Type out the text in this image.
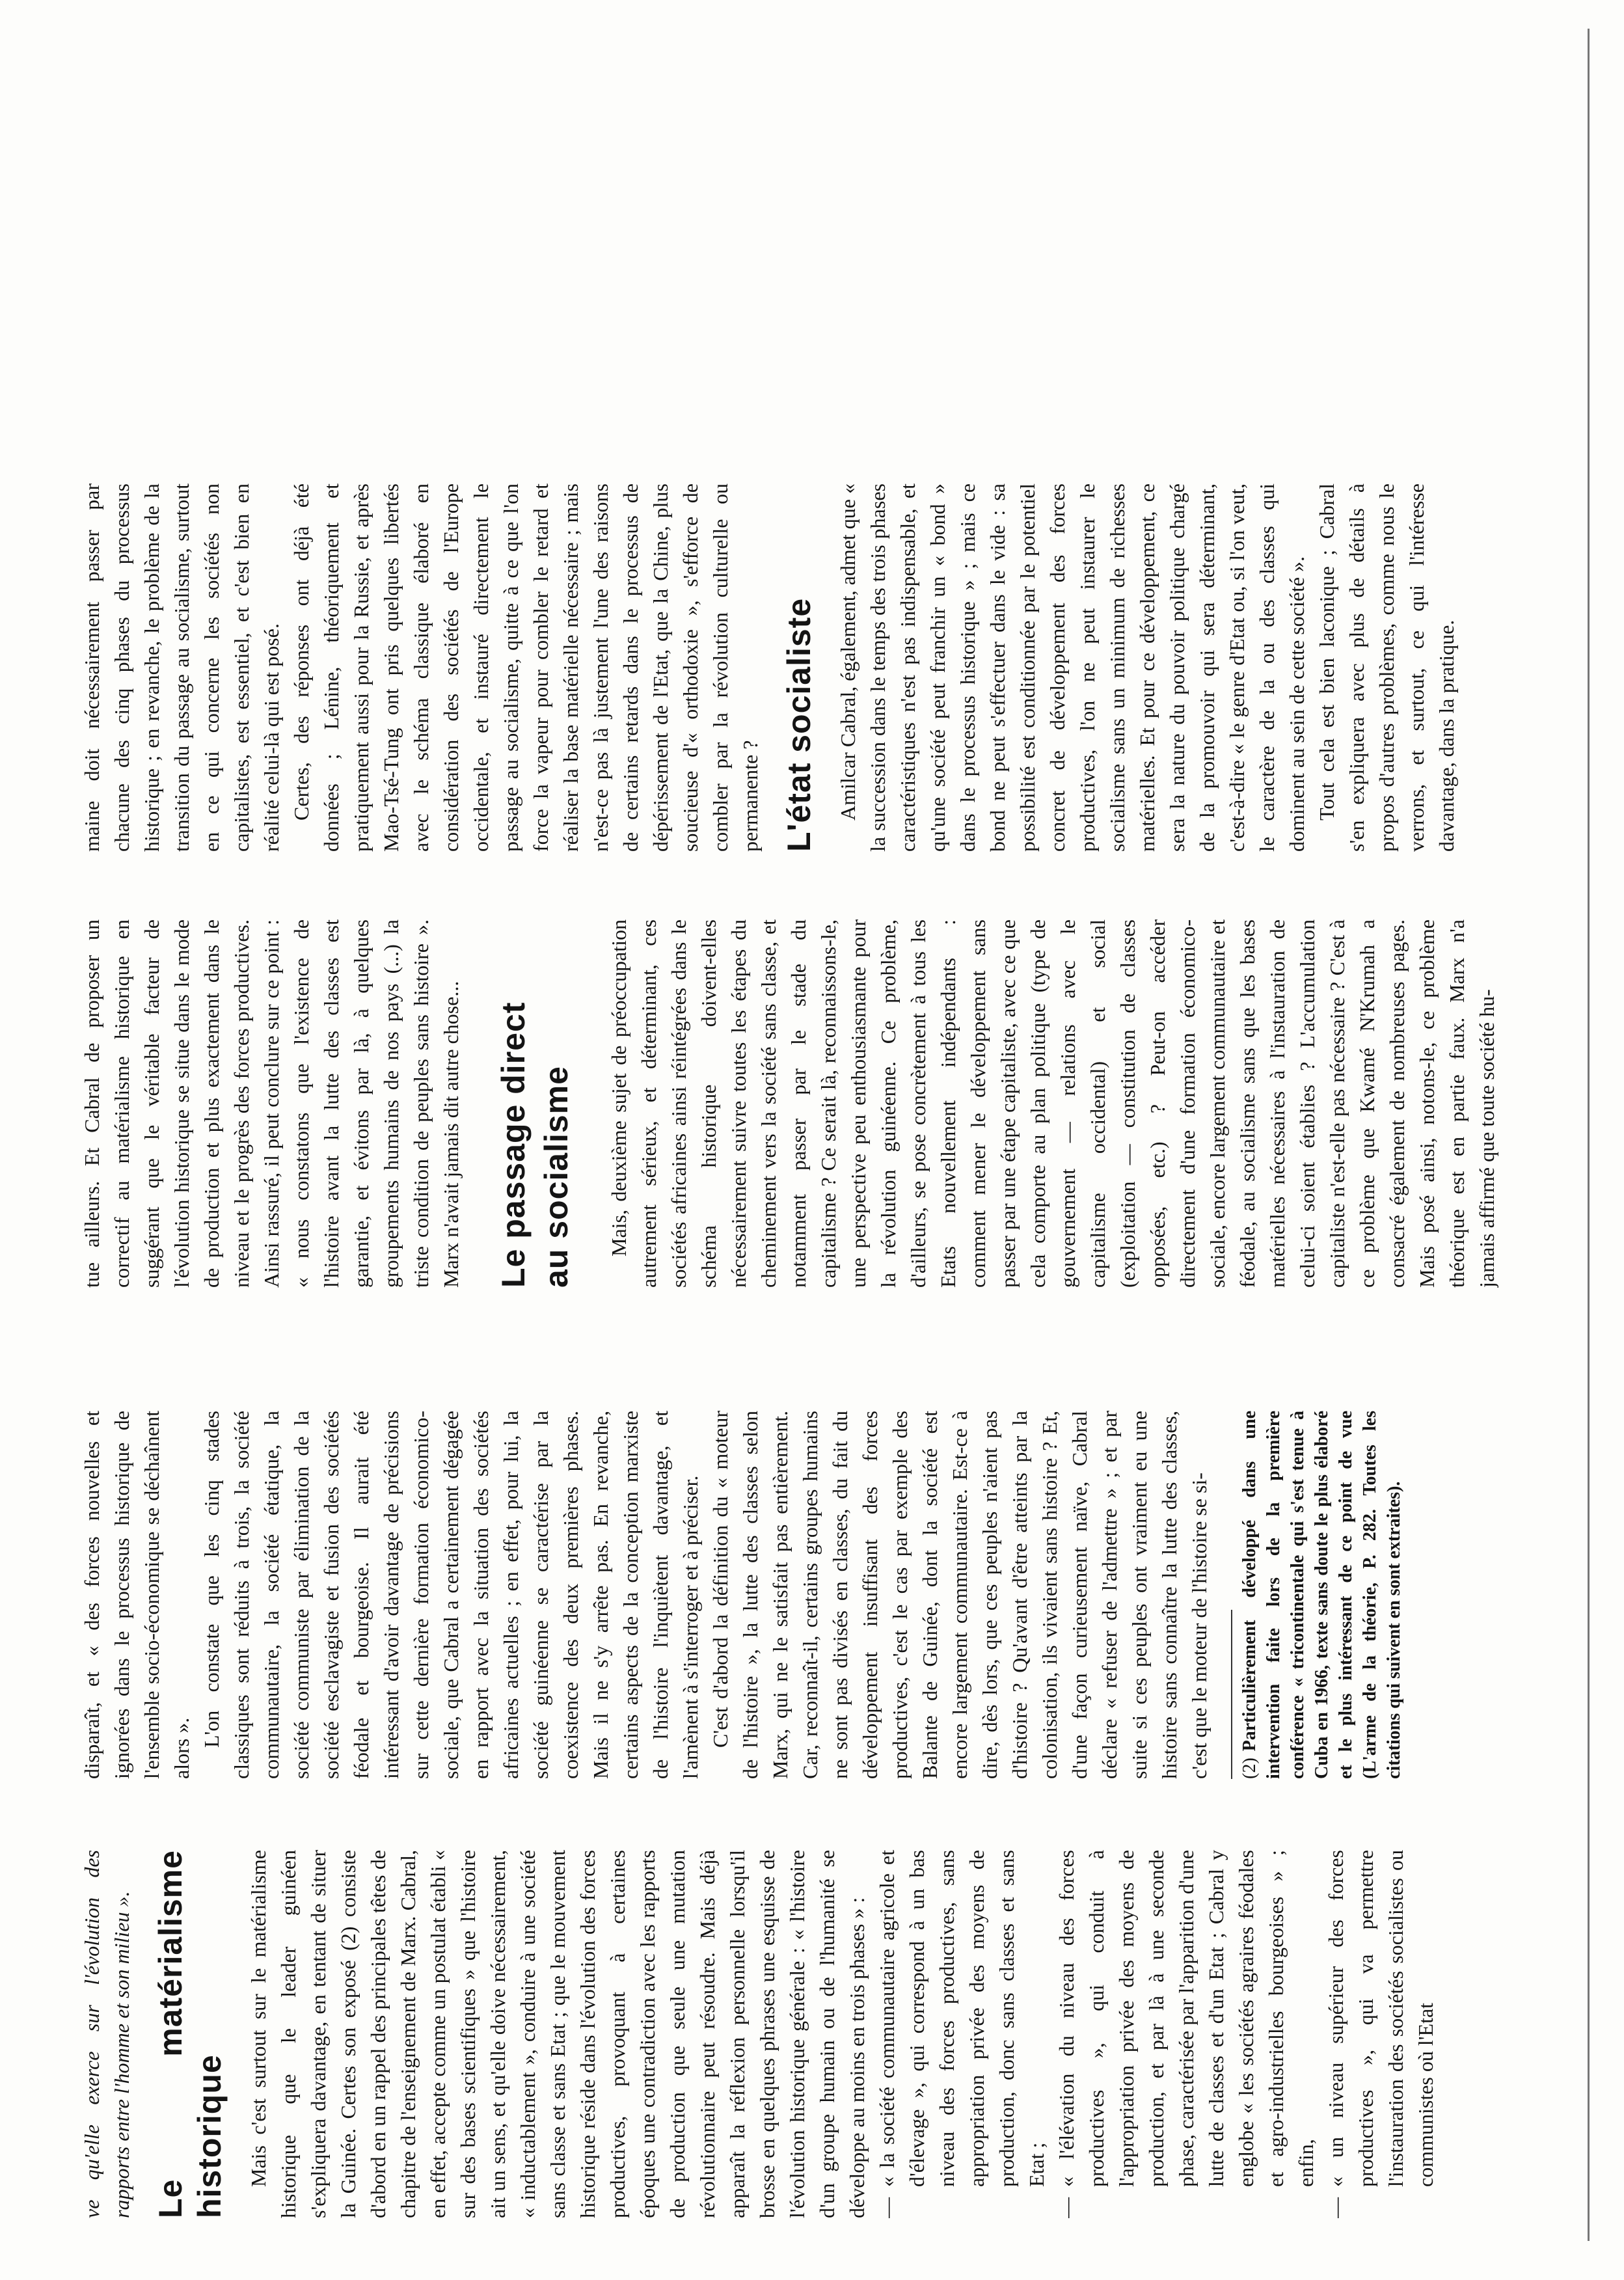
ve qu'elle exerce sur l'évolution des rapports entre l'homme et son milieu ». Le matérialisme historique Mais c'est surtout sur le matérialisme historique que le leader guinéen s'expliquera davantage, en tentant de situer la Guinée. Certes son exposé (2) consiste d'abord en un rappel des principales têtes de chapitre de l'enseignement de Marx. Cabral, en effet, accepte comme un postulat établi « sur des bases scientifiques » que l'histoire ait un sens, et qu'elle doive nécessairement, « inductablement », conduire à une société sans classe et sans Etat ; que le mouvement historique réside dans l'évolution des forces productives, provoquant à certaines époques une contradiction avec les rapports de production que seule une mutation révolutionnaire peut résoudre. Mais déjà apparaît la réflexion personnelle lorsqu'il brosse en quelques phrases une esquisse de l'évolution historique générale : « l'histoire d'un groupe humain ou de l'humanité se développe au moins en trois phases » : — « la société communautaire agricole et d'élevage », qui correspond à un bas niveau des forces productives, sans appropriation privée des moyens de production, donc sans classes et sans Etat ; — « l'élévation du niveau des forces productives », qui conduit à l'appropriation privée des moyens de production, et par là à une seconde phase, caractérisée par l'apparition d'une lutte de classes et d'un Etat ; Cabral y englobe « les sociétés agraires féodales et agro-industrielles bourgeoises » ; enfin, — « un niveau supérieur des forces productives », qui va permettre l'instauration des sociétés socialistes ou communistes où l'Etat

disparaît, et « des forces nouvelles et ignorées dans le processus historique de l'ensemble socio-économique se déchaînent alors ».

L'on constate que les cinq stades classiques sont réduits à trois, la société communautaire, la société étatique, la société communiste par élimination de la société esclavagiste et fusion des sociétés féodale et bourgeoise. Il aurait été intéressant d'avoir davantage de précisions sur cette dernière formation économico-sociale, que Cabral a certainement dégagée en rapport avec la situation des sociétés africaines actuelles ; en effet, pour lui, la société guinéenne se caractérise par la coexistence des deux premières phases. Mais il ne s'y arrête pas. En revanche, certains aspects de la conception marxiste de l'histoire l'inquiètent davantage, et l'amènent à s'interroger et à préciser. C'est d'abord la définition du « moteur de l'histoire », la lutte des classes selon Marx, qui ne le satisfait pas entièrement. Car, reconnaît-il, certains groupes humains ne sont pas divisés en classes, du fait du développement insuffisant des forces productives, c'est le cas par exemple des Balante de Guinée, dont la société est encore largement communautaire. Est-ce à dire, dès lors, que ces peuples n'aient pas d'histoire ? Qu'avant d'être atteints par la colonisation, ils vivaient sans histoire ? Et, d'une façon curieusement naïve, Cabral déclare « refuser de l'admettre » ; et par suite si ces peuples ont vraiment eu une histoire sans connaître la lutte des classes, c'est que le moteur de l'histoire se si- (2)Particulièrement développé dans une intervention faite lors de la première conférence « tricontinentale qui s'est tenue à Cuba en 1966, texte sans doute le plus élaboré et le plus intéressant de ce point de vue (L'arme de la théorie, P. 282. Toutes les citations qui suivent en sont extraites).

tue ailleurs. Et Cabral de proposer un correctif au matérialisme historique en suggérant que le véritable facteur de l'évolution historique se situe dans le mode de production et plus exactement dans le niveau et le progrès des forces productives. Ainsi rassuré, il peut conclure sur ce point : « nous constatons que l'existence de l'histoire avant la lutte des classes est garantie, et évitons par là, à quelques groupements humains de nos pays (...) la triste condition de peuples sans histoire ». Marx n'avait jamais dit autre chose... Le passage direct au socialisme Mais, deuxième sujet de préoccupation autrement sérieux, et déterminant, ces sociétés africaines ainsi réintégrées dans le schéma historique doivent-elles nécessairement suivre toutes les étapes du cheminement vers la société sans classe, et notamment passer par le stade du capitalisme ? Ce serait là, reconnaissons-le, une perspective peu enthousiasmante pour la révolution guinéenne. Ce problème, d'ailleurs, se pose concrètement à tous les Etats nouvellement indépendants : comment mener le développement sans passer par une étape capitaliste, avec ce que cela comporte au plan politique (type de gouvernement — relations avec le capitalisme occidental) et social (exploitation — constitution de classes opposées, etc.) ? Peut-on accéder directement d'une formation économico-sociale, encore largement communautaire et féodale, au socialisme sans que les bases matérielles nécessaires à l'instauration de celui-ci soient établies ? L'accumulation capitaliste n'est-elle pas nécessaire ? C'est à ce problème que Kwamé N'Krumah a consacré également de nombreuses pages. Mais posé ainsi, notons-le, ce problème théorique est en partie faux. Marx n'a jamais affirmé que toute société hu-

maine doit nécessairement passer par chacune des cinq phases du processus historique ; en revanche, le problème de la transition du passage au socialisme, surtout en ce qui concerne les sociétés non capitalistes, est essentiel, et c'est bien en réalité celui-là qui est posé. Certes, des réponses ont déjà été données ; Lénine, théoriquement et pratiquement aussi pour la Russie, et après Mao-Tsé-Tung ont pris quelques libertés avec le schéma classique élaboré en considération des sociétés de l'Europe occidentale, et instauré directement le passage au socialisme, quitte à ce que l'on force la vapeur pour combler le retard et réaliser la base matérielle nécessaire ; mais n'est-ce pas là justement l'une des raisons de certains retards dans le processus de dépérissement de l'Etat, que la Chine, plus soucieuse d'« orthodoxie », s'efforce de combler par la révolution culturelle ou permanente ? L'état socialiste Amilcar Cabral, également, admet que « la succession dans le temps des trois phases caractéristiques n'est pas indispensable, et qu'une société peut franchir un « bond » dans le processus historique » ; mais ce bond ne peut s'effectuer dans le vide : sa possibilité est conditionnée par le potentiel concret de développement des forces productives, l'on ne peut instaurer le socialisme sans un minimum de richesses matérielles. Et pour ce développement, ce sera la nature du pouvoir politique chargé de la promouvoir qui sera déterminant, c'est-à-dire « le genre d'Etat ou, si l'on veut, le caractère de la ou des classes qui dominent au sein de cette société ». Tout cela est bien laconique ; Cabral s'en expliquera avec plus de détails à propos d'autres problèmes, comme nous le verrons, et surtout, ce qui l'intéresse davantage, dans la pratique.
